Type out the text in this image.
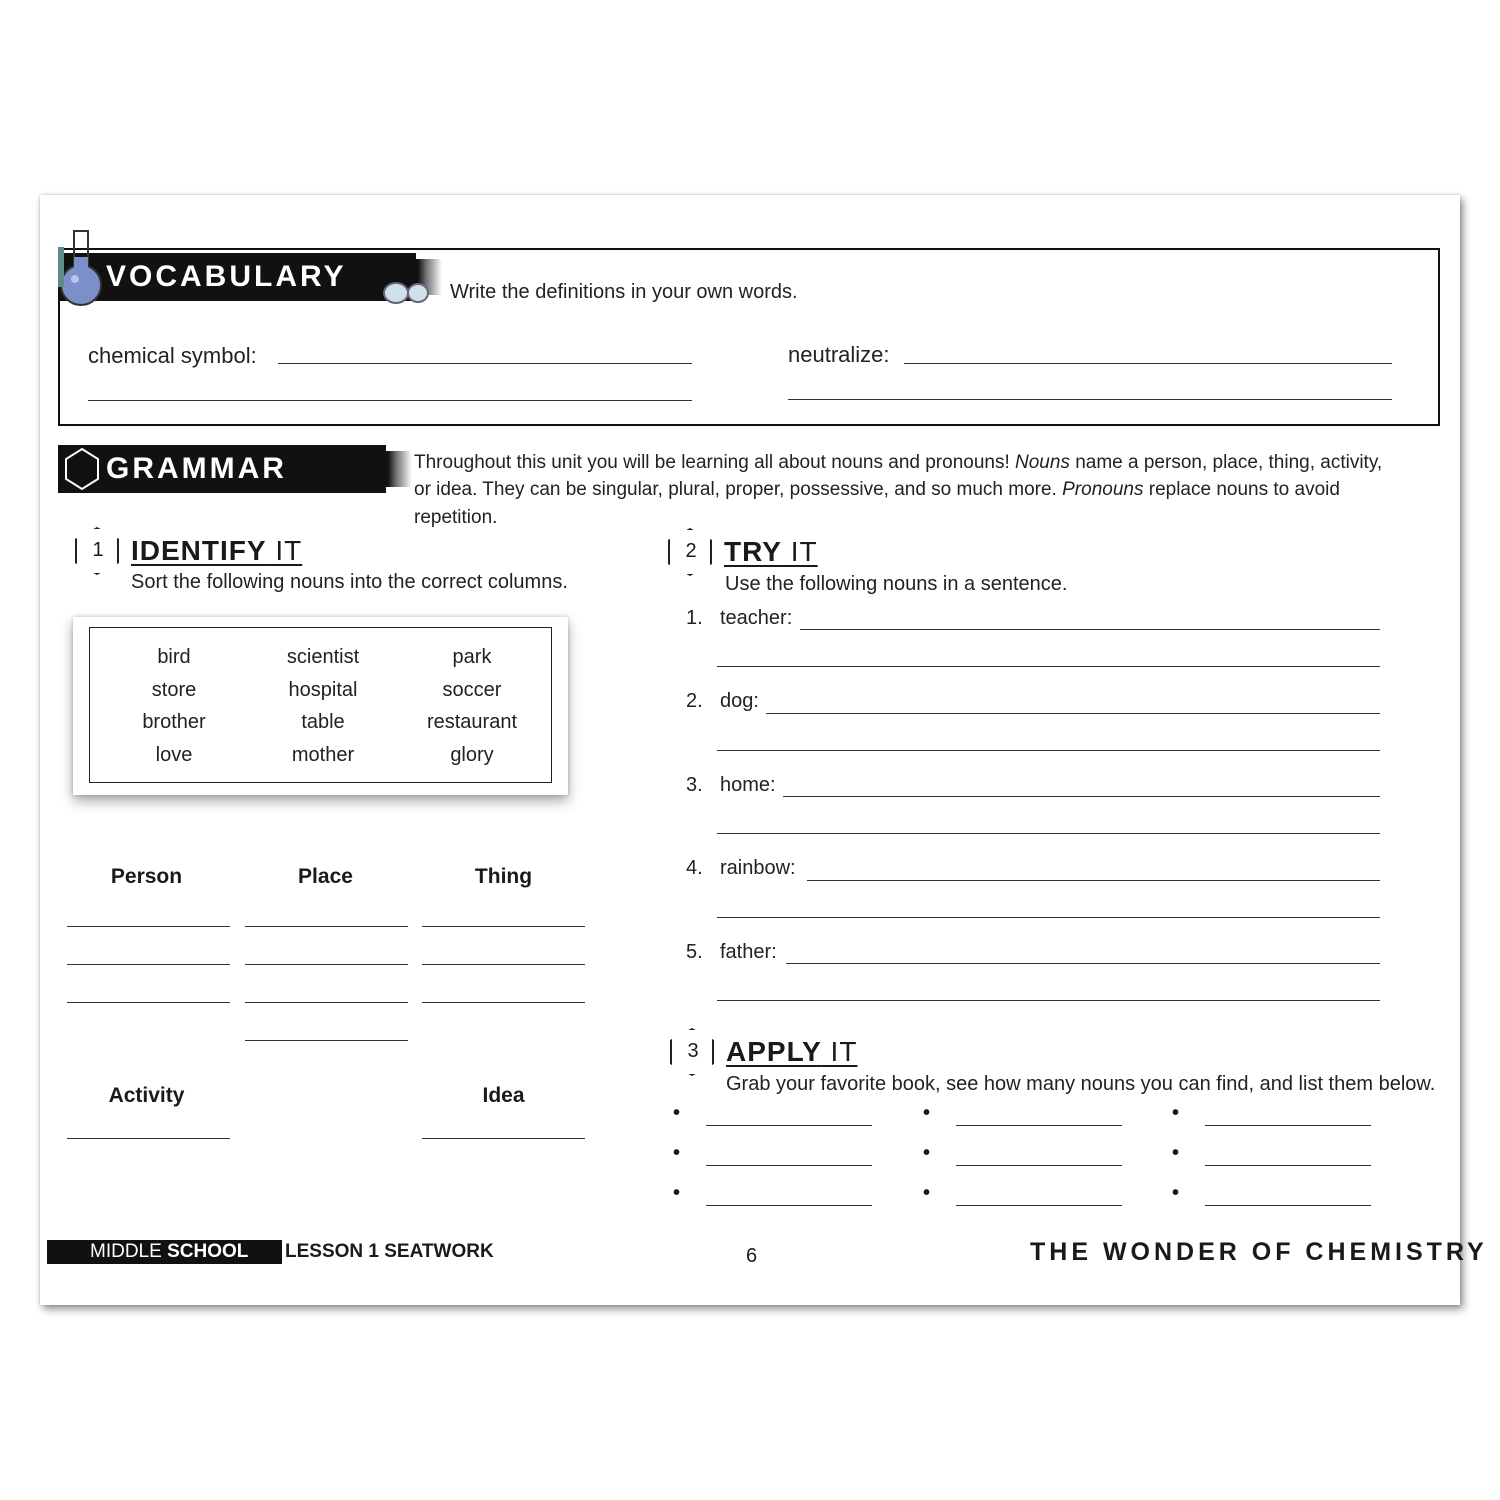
VOCABULARY	Write the definitions in your own words.
chemical symbol:	neutralize:
GRAMMAR	Throughout this unit you will be learning all about nouns and pronouns! Nouns name a person, place, thing, activity,
or idea. They can be singular, plural, proper, possessive, and so much more. Pronouns replace nouns to avoid
repetition.
1 IDENTIFY IT
Sort the following nouns into the correct columns.
bird	scientist	park
store	hospital	soccer
brother	table	restaurant
love	mother	glory
Person	Place	Thing
Activity	Idea
2 TRY IT
Use the following nouns in a sentence.
1. teacher:
2. dog:
3. home:
4. rainbow:
5. father:
3 APPLY IT
Grab your favorite book, see how many nouns you can find, and list them below.
•
•
•
•
•
•
•
•
•
MIDDLE SCHOOL LESSON 1 SEATWORK	6	THE WONDER OF CHEMISTRY
